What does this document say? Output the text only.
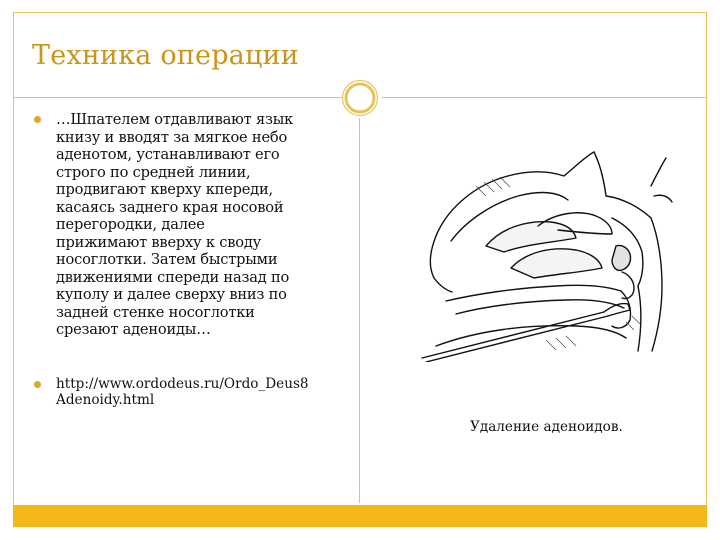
Техника операции
…Шпателем отдавливают язык
книзу и вводят за мягкое небо
аденотом, устанавливают его
строго по средней линии,
продвигают кверху кпереди,
касаясь заднего края носовой
перегородки, далее
прижимают вверху к своду
носоглотки. Затем быстрыми
движениями спереди назад по
куполу и далее сверху вниз по
задней стенке носоглотки
срезают аденоиды…
http://www.ordodeus.ru/Ordo_Deus8
Adenoidy.html
Удаление аденоидов.
